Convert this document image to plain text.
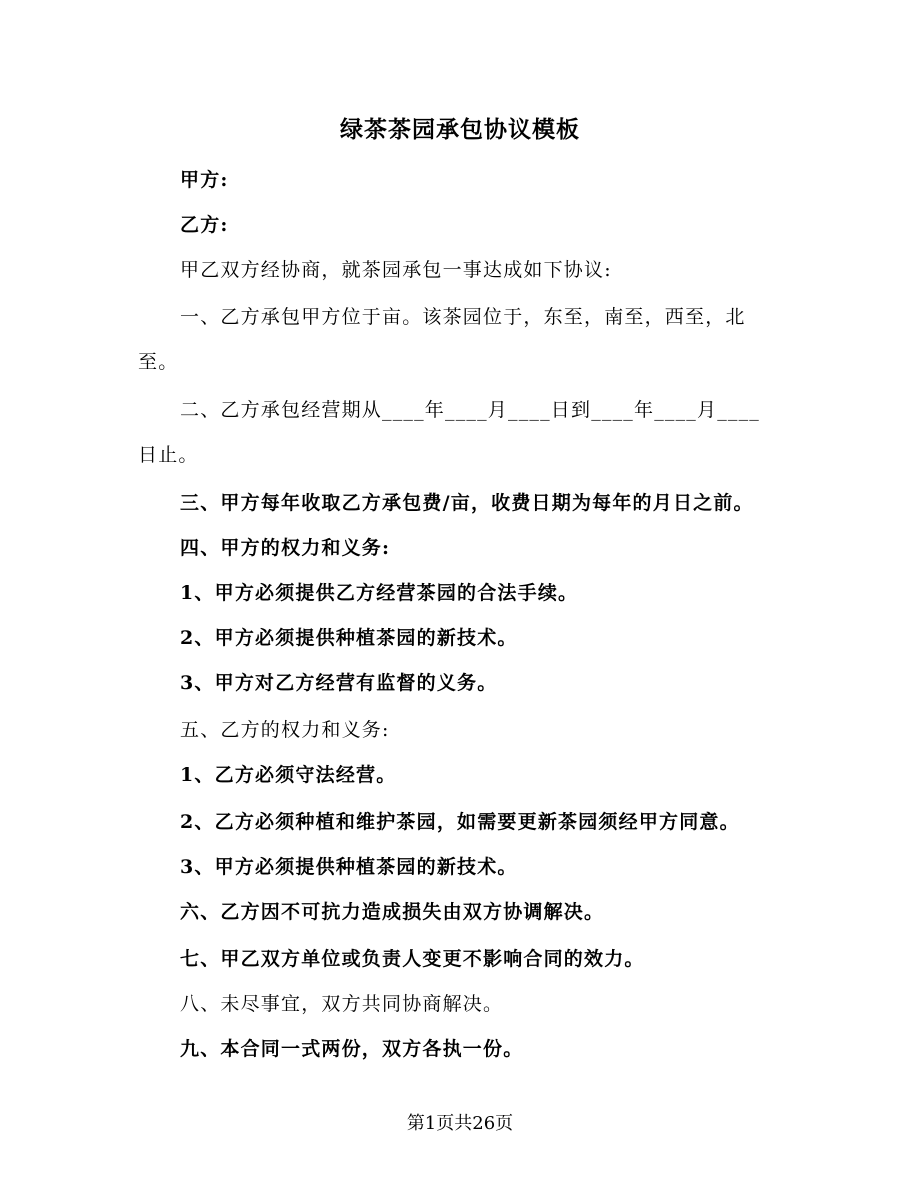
绿茶茶园承包协议模板
甲方:
乙方:
甲乙双方经协商，就茶园承包一事达成如下协议:
一、乙方承包甲方位于亩。该茶园位于，东至，南至，西至，北
至。
二、乙方承包经营期从____年____月____日到____年____月____
日止。
三、甲方每年收取乙方承包费/亩，收费日期为每年的月日之前。
四、甲方的权力和义务:
1、甲方必须提供乙方经营茶园的合法手续。
2、甲方必须提供种植茶园的新技术。
3、甲方对乙方经营有监督的义务。
五、乙方的权力和义务:
1、乙方必须守法经营。
2、乙方必须种植和维护茶园，如需要更新茶园须经甲方同意。
3、甲方必须提供种植茶园的新技术。
六、乙方因不可抗力造成损失由双方协调解决。
七、甲乙双方单位或负责人变更不影响合同的效力。
八、未尽事宜，双方共同协商解决。
九、本合同一式两份，双方各执一份。
第1页共26页
